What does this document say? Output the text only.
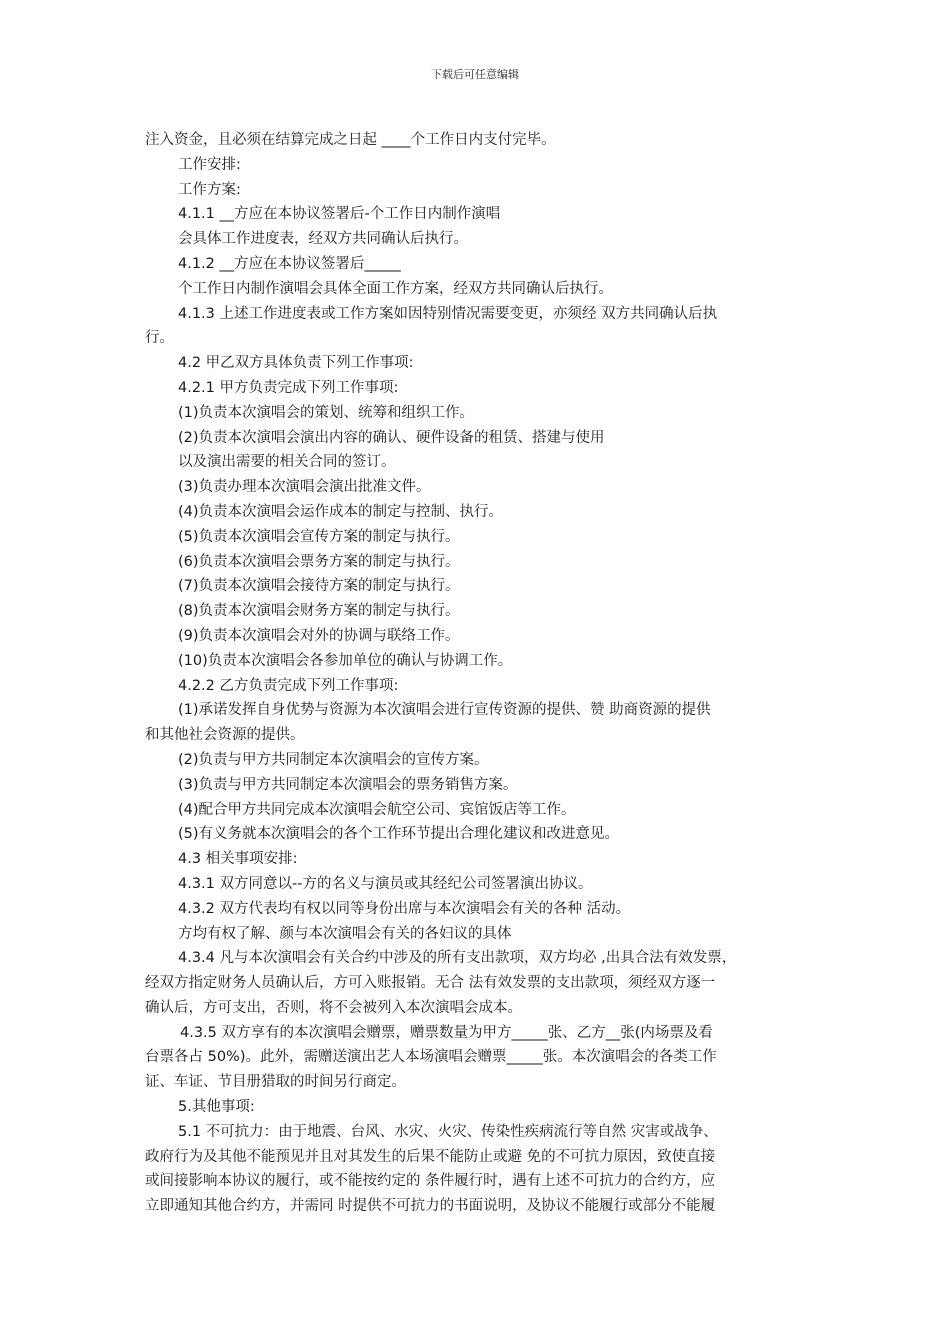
下载后可任意编辑
注入资金，且必须在结算完成之日起 ____个工作日内支付完毕。
工作安排:
工作方案:
4.1.1 __方应在本协议签署后-个工作日内制作演唱
会具体工作进度表，经双方共同确认后执行。
4.1.2 __方应在本协议签署后_____
个工作日内制作演唱会具体全面工作方案，经双方共同确认后执行。
4.1.3 上述工作进度表或工作方案如因特别情况需要变更，亦须经 双方共同确认后执
行。
4.2 甲乙双方具体负责下列工作事项:
4.2.1 甲方负责完成下列工作事项:
(1)负责本次演唱会的策划、统筹和组织工作。
(2)负责本次演唱会演出内容的确认、硬件设备的租赁、搭建与使用
以及演出需要的相关合同的签订。
(3)负责办理本次演唱会演出批准文件。
(4)负责本次演唱会运作成本的制定与控制、执行。
(5)负责本次演唱会宣传方案的制定与执行。
(6)负责本次演唱会票务方案的制定与执行。
(7)负责本次演唱会接待方案的制定与执行。
(8)负责本次演唱会财务方案的制定与执行。
(9)负责本次演唱会对外的协调与联络工作。
(10)负责本次演唱会各参加单位的确认与协调工作。
4.2.2 乙方负责完成下列工作事项:
(1)承诺发挥自身优势与资源为本次演唱会进行宣传资源的提供、赞 助商资源的提供
和其他社会资源的提供。
(2)负责与甲方共同制定本次演唱会的宣传方案。
(3)负责与甲方共同制定本次演唱会的票务销售方案。
(4)配合甲方共同完成本次演唱会航空公司、宾馆饭店等工作。
(5)有义务就本次演唱会的各个工作环节提出合理化建议和改进意见。
4.3 相关事项安排:
4.3.1 双方同意以--方的名义与演员或其经纪公司签署演出协议。
4.3.2 双方代表均有权以同等身份出席与本次演唱会有关的各种 活动。
方均有权了解、颜与本次演唱会有关的各妇议的具体
4.3.4 凡与本次演唱会有关合约中涉及的所有支出款项，双方均必 ,出具合法有效发票，
经双方指定财务人员确认后，方可入账报销。无合 法有效发票的支出款项，须经双方逐一
确认后，方可支出，否则，将不会被列入本次演唱会成本。
4.3.5 双方享有的本次演唱会赠票，赠票数量为甲方_____张、乙方__张(内场票及看
台票各占 50%)。此外，需赠送演出艺人本场演唱会赠票_____张。本次演唱会的各类工作
证、车证、节目册猎取的时间另行商定。
5.其他事项:
5.1 不可抗力：由于地震、台风、水灾、火灾、传染性疾病流行等自然 灾害或战争、
政府行为及其他不能预见并且对其发生的后果不能防止或避 免的不可抗力原因，致使直接
或间接影响本协议的履行，或不能按约定的 条件履行时，遇有上述不可抗力的合约方，应
立即通知其他合约方，并需同 时提供不可抗力的书面说明，及协议不能履行或部分不能履
